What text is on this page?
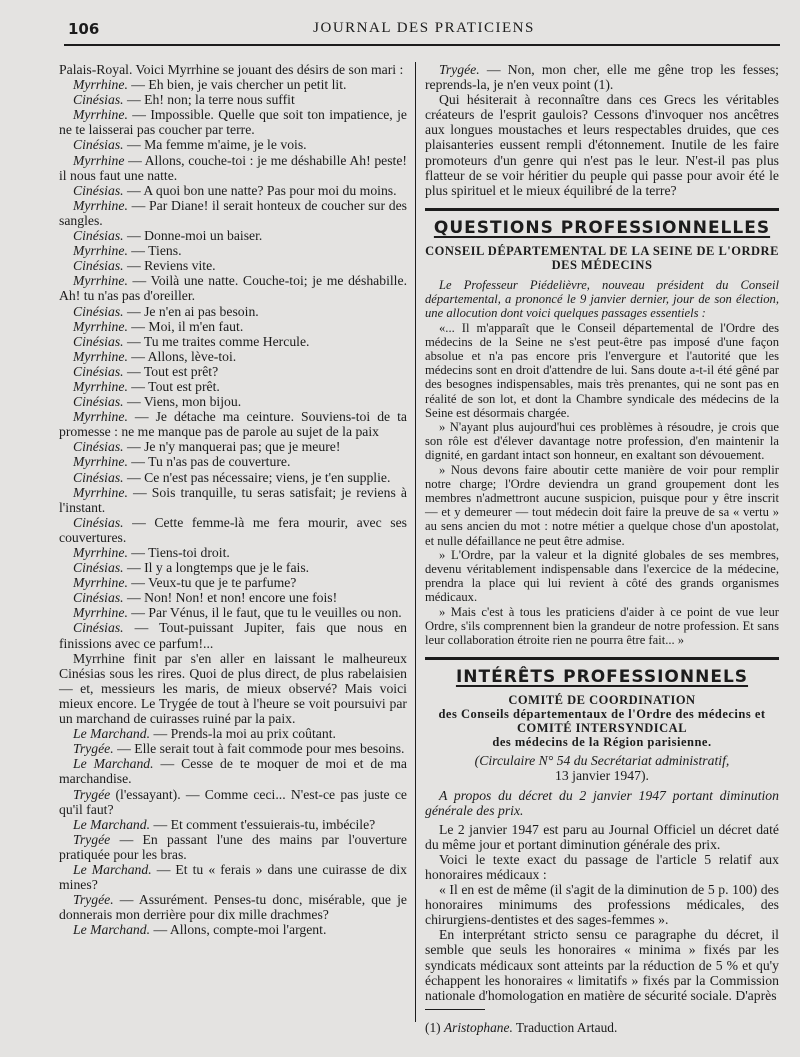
106	JOURNAL DES PRATICIENS

Palais-Royal. Voici Myrrhine se jouant des désirs de son mari :

Myrrhine. — Eh bien, je vais chercher un petit lit.

Cinésias. — Eh! non; la terre nous suffit

Myrrhine. — Impossible. Quelle que soit ton impatience, je ne te laisserai pas coucher par terre.

Cinésias. — Ma femme m'aime, je le vois.

Myrrhine — Allons, couche-toi : je me déshabille Ah! peste! il nous faut une natte.

Cinésias. — A quoi bon une natte? Pas pour moi du moins.

Myrrhine. — Par Diane! il serait honteux de coucher sur des sangles.

Cinésias. — Donne-moi un baiser.

Myrrhine. — Tiens.

Cinésias. — Reviens vite.

Myrrhine. — Voilà une natte. Couche-toi; je me déshabille. Ah! tu n'as pas d'oreiller.

Cinésias. — Je n'en ai pas besoin.

Myrrhine. — Moi, il m'en faut.

Cinésias. — Tu me traites comme Hercule.

Myrrhine. — Allons, lève-toi.

Cinésias. — Tout est prêt?

Myrrhine. — Tout est prêt.

Cinésias. — Viens, mon bijou.

Myrrhine. — Je détache ma ceinture. Souviens-toi de ta promesse : ne me manque pas de parole au sujet de la paix

Cinésias. — Je n'y manquerai pas; que je meure!

Myrrhine. — Tu n'as pas de couverture.

Cinésias. — Ce n'est pas nécessaire; viens, je t'en supplie.

Myrrhine. — Sois tranquille, tu seras satisfait; je reviens à l'instant.

Cinésias. — Cette femme-là me fera mourir, avec ses couvertures.

Myrrhine. — Tiens-toi droit.

Cinésias. — Il y a longtemps que je le fais.

Myrrhine. — Veux-tu que je te parfume?

Cinésias. — Non! Non! et non! encore une fois!

Myrrhine. — Par Vénus, il le faut, que tu le veuilles ou non.

Cinésias. — Tout-puissant Jupiter, fais que nous en finissions avec ce parfum!...

Myrrhine finit par s'en aller en laissant le malheureux Cinésias sous les rires. Quoi de plus direct, de plus rabelaisien — et, messieurs les maris, de mieux observé? Mais voici mieux encore. Le Trygée de tout à l'heure se voit poursuivi par un marchand de cuirasses ruiné par la paix.

Le Marchand. — Prends-la moi au prix coûtant.

Trygée. — Elle serait tout à fait commode pour mes besoins.

Le Marchand. — Cesse de te moquer de moi et de ma marchandise.

Trygée (l'essayant). — Comme ceci... N'est-ce pas juste ce qu'il faut?

Le Marchand. — Et comment t'essuierais-tu, imbécile?

Trygée — En passant l'une des mains par l'ouverture pratiquée pour les bras.

Le Marchand. — Et tu « ferais » dans une cuirasse de dix mines?

Trygée. — Assurément. Penses-tu donc, misérable, que je donnerais mon derrière pour dix mille drachmes?

Le Marchand. — Allons, compte-moi l'argent.

Trygée. — Non, mon cher, elle me gêne trop les fesses; reprends-la, je n'en veux point (1).

Qui hésiterait à reconnaître dans ces Grecs les véritables créateurs de l'esprit gaulois? Cessons d'invoquer nos ancêtres aux longues moustaches et leurs respectables druides, que ces plaisanteries eussent rempli d'étonnement. Inutile de les faire promoteurs d'un genre qui n'est pas le leur. N'est-il pas plus flatteur de se voir héritier du peuple qui passe pour avoir été le plus spirituel et le mieux équilibré de la terre?

QUESTIONS PROFESSIONNELLES
CONSEIL DÉPARTEMENTAL DE LA SEINE DE L'ORDRE DES MÉDECINS

Le Professeur Piédelièvre, nouveau président du Conseil départemental, a prononcé le 9 janvier dernier, jour de son élection, une allocution dont voici quelques passages essentiels :

«... Il m'apparaît que le Conseil départemental de l'Ordre des médecins de la Seine ne s'est peut-être pas imposé d'une façon absolue et n'a pas encore pris l'envergure et l'autorité que les médecins sont en droit d'attendre de lui. Sans doute a-t-il été gêné par des besognes indispensables, mais très prenantes, qui ne sont pas en réalité de son lot, et dont la Chambre syndicale des médecins de la Seine est désormais chargée.

» N'ayant plus aujourd'hui ces problèmes à résoudre, je crois que son rôle est d'élever davantage notre profession, d'en maintenir la dignité, en gardant intact son honneur, en exaltant son dévouement.

» Nous devons faire aboutir cette manière de voir pour remplir notre charge; l'Ordre deviendra un grand groupement dont les membres n'admettront aucune suspicion, puisque pour y être inscrit — et y demeurer — tout médecin doit faire la preuve de sa « vertu » au sens ancien du mot : notre métier a quelque chose d'un apostolat, et nulle défaillance ne peut être admise.

» L'Ordre, par la valeur et la dignité globales de ses membres, devenu véritablement indispensable dans l'exercice de la médecine, prendra la place qui lui revient à côté des grands organismes médicaux.

» Mais c'est à tous les praticiens d'aider à ce point de vue leur Ordre, s'ils comprennent bien la grandeur de notre profession. Et sans leur collaboration étroite rien ne pourra être fait... »

INTÉRÊTS PROFESSIONNELS
COMITÉ DE COORDINATION
des Conseils départementaux de l'Ordre des médecins et
COMITÉ INTERSYNDICAL
des médecins de la Région parisienne.
(Circulaire N° 54 du Secrétariat administratif,
13 janvier 1947).

A propos du décret du 2 janvier 1947 portant diminution générale des prix.

Le 2 janvier 1947 est paru au Journal Officiel un décret daté du même jour et portant diminution générale des prix.

Voici le texte exact du passage de l'article 5 relatif aux honoraires médicaux :

« Il en est de même (il s'agit de la diminution de 5 p. 100) des honoraires minimums des professions médicales, des chirurgiens-dentistes et des sages-femmes ».

En interprétant stricto sensu ce paragraphe du décret, il semble que seuls les honoraires « minima » fixés par les syndicats médicaux sont atteints par la réduction de 5 % et qu'y échappent les honoraires « limitatifs » fixés par la Commission nationale d'homologation en matière de sécurité sociale. D'après

(1) Aristophane. Traduction Artaud.
